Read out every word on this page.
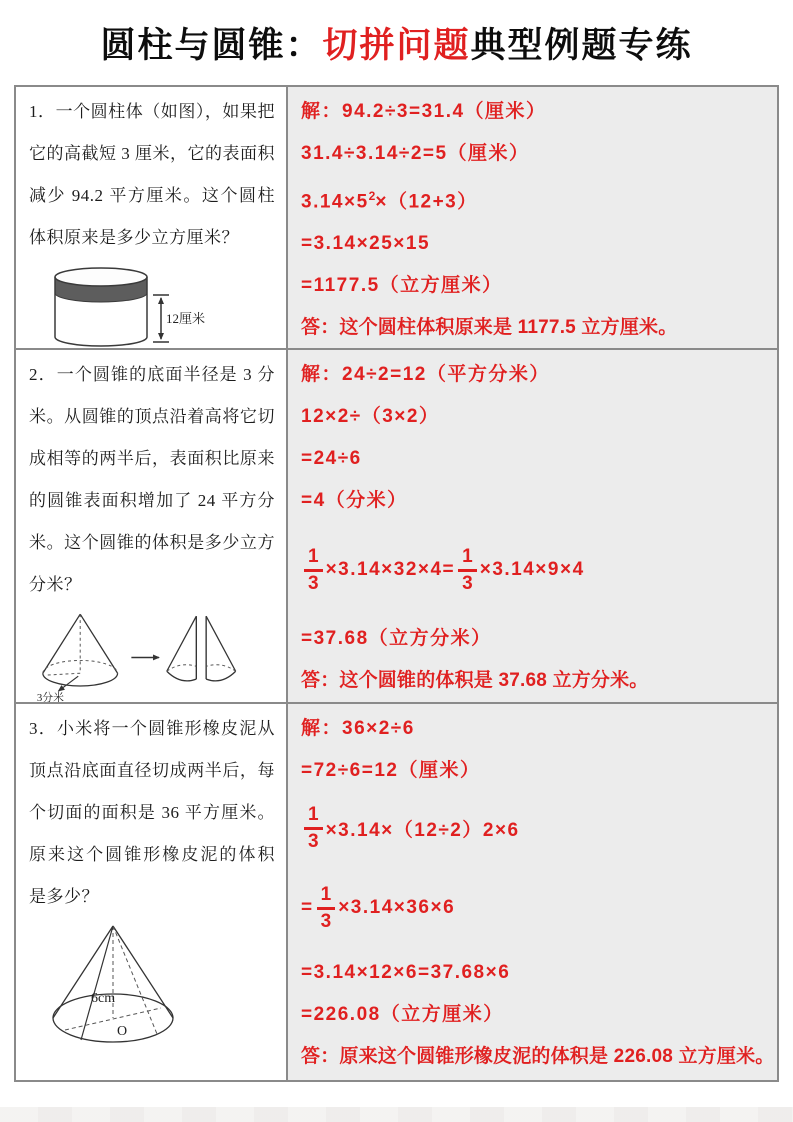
圆柱与圆锥：切拼问题典型例题专练
1．一个圆柱体（如图），如果把
它的高截短 3 厘米，它的表面积
减少 94.2 平方厘米。这个圆柱
体积原来是多少立方厘米？
12厘米
解：94.2÷3=31.4（厘米）
31.4÷3.14÷2=5（厘米）
$3.14\times 5^2\times(12+3)$
=3.14×25×15
=1177.5（立方厘米）
答：这个圆柱体积原来是 1177.5 立方厘米。
2．一个圆锥的底面半径是 3 分
米。从圆锥的顶点沿着高将它切
成相等的两半后，表面积比原来
的圆锥表面积增加了 24 平方分
米。这个圆锥的体积是多少立方
分米？
3分米
解：24÷2=12（平方分米）
12×2÷（3×2）
=24÷6
=4（分米）
$\frac{1}{3} \times 3.14\times 32\times 4= \frac{1}{3} \times 3.14\times 9\times 4$
=37.68（立方分米）
答：这个圆锥的体积是 37.68 立方分米。
3．小米将一个圆锥形橡皮泥从
顶点沿底面直径切成两半后，每
个切面的面积是 36 平方厘米。
原来这个圆锥形橡皮泥的体积
是多少？
6cm
O
解：36×2÷6
=72÷6=12（厘米）
$\frac{1}{3} \times 3.14\times(12\div 2)2\times 6$
= $\frac{1}{3} \times 3.14\times 36\times 6$
=3.14×12×6=37.68×6
=226.08（立方厘米）
答：原来这个圆锥形橡皮泥的体积是 226.08 立方厘米。
